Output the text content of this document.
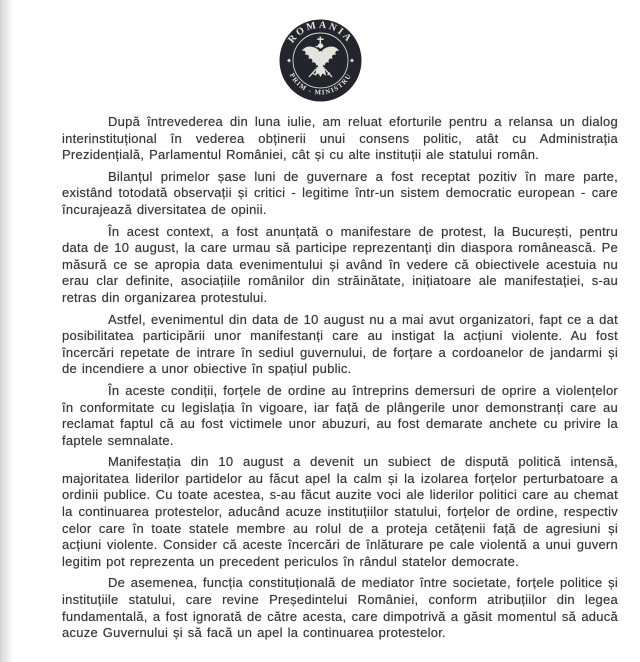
ROMANIA
PRIM - MINISTRU

După întrevederea din luna iulie, am reluat eforturile pentru a relansa un dialog interinstituțional în vederea obținerii unui consens politic, atât cu Administrația Prezidențială, Parlamentul României, cât și cu alte instituții ale statului român.

Bilanțul primelor șase luni de guvernare a fost receptat pozitiv în mare parte, existând totodată observații și critici - legitime într-un sistem democratic european - care încurajează diversitatea de opinii.

În acest context, a fost anunțată o manifestare de protest, la București, pentru data de 10 august, la care urmau să participe reprezentanți din diaspora românească. Pe măsură ce se apropia data evenimentului și având în vedere că obiectivele acestuia nu erau clar definite, asociațiile românilor din străinătate, inițiatoare ale manifestației, s-au retras din organizarea protestului.

Astfel, evenimentul din data de 10 august nu a mai avut organizatori, fapt ce a dat posibilitatea participării unor manifestanți care au instigat la acțiuni violente. Au fost încercări repetate de intrare în sediul guvernului, de forțare a cordoanelor de jandarmi și de incendiere a unor obiective în spațiul public.

În aceste condiții, forțele de ordine au întreprins demersuri de oprire a violențelor în conformitate cu legislația în vigoare, iar față de plângerile unor demonstranți care au reclamat faptul că au fost victimele unor abuzuri, au fost demarate anchete cu privire la faptele semnalate.

Manifestația din 10 august a devenit un subiect de dispută politică intensă, majoritatea liderilor partidelor au făcut apel la calm și la izolarea forțelor perturbatoare a ordinii publice. Cu toate acestea, s-au făcut auzite voci ale liderilor politici care au chemat la continuarea protestelor, aducând acuze instituțiilor statului, forțelor de ordine, respectiv celor care în toate statele membre au rolul de a proteja cetățenii față de agresiuni și acțiuni violente. Consider că aceste încercări de înlăturare pe cale violentă a unui guvern legitim pot reprezenta un precedent periculos în rândul statelor democrate.

De asemenea, funcția constituțională de mediator între societate, forțele politice și instituțiile statului, care revine Președintelui României, conform atribuțiilor din legea fundamentală, a fost ignorată de către acesta, care dimpotrivă a găsit momentul să aducă acuze Guvernului și să facă un apel la continuarea protestelor.
